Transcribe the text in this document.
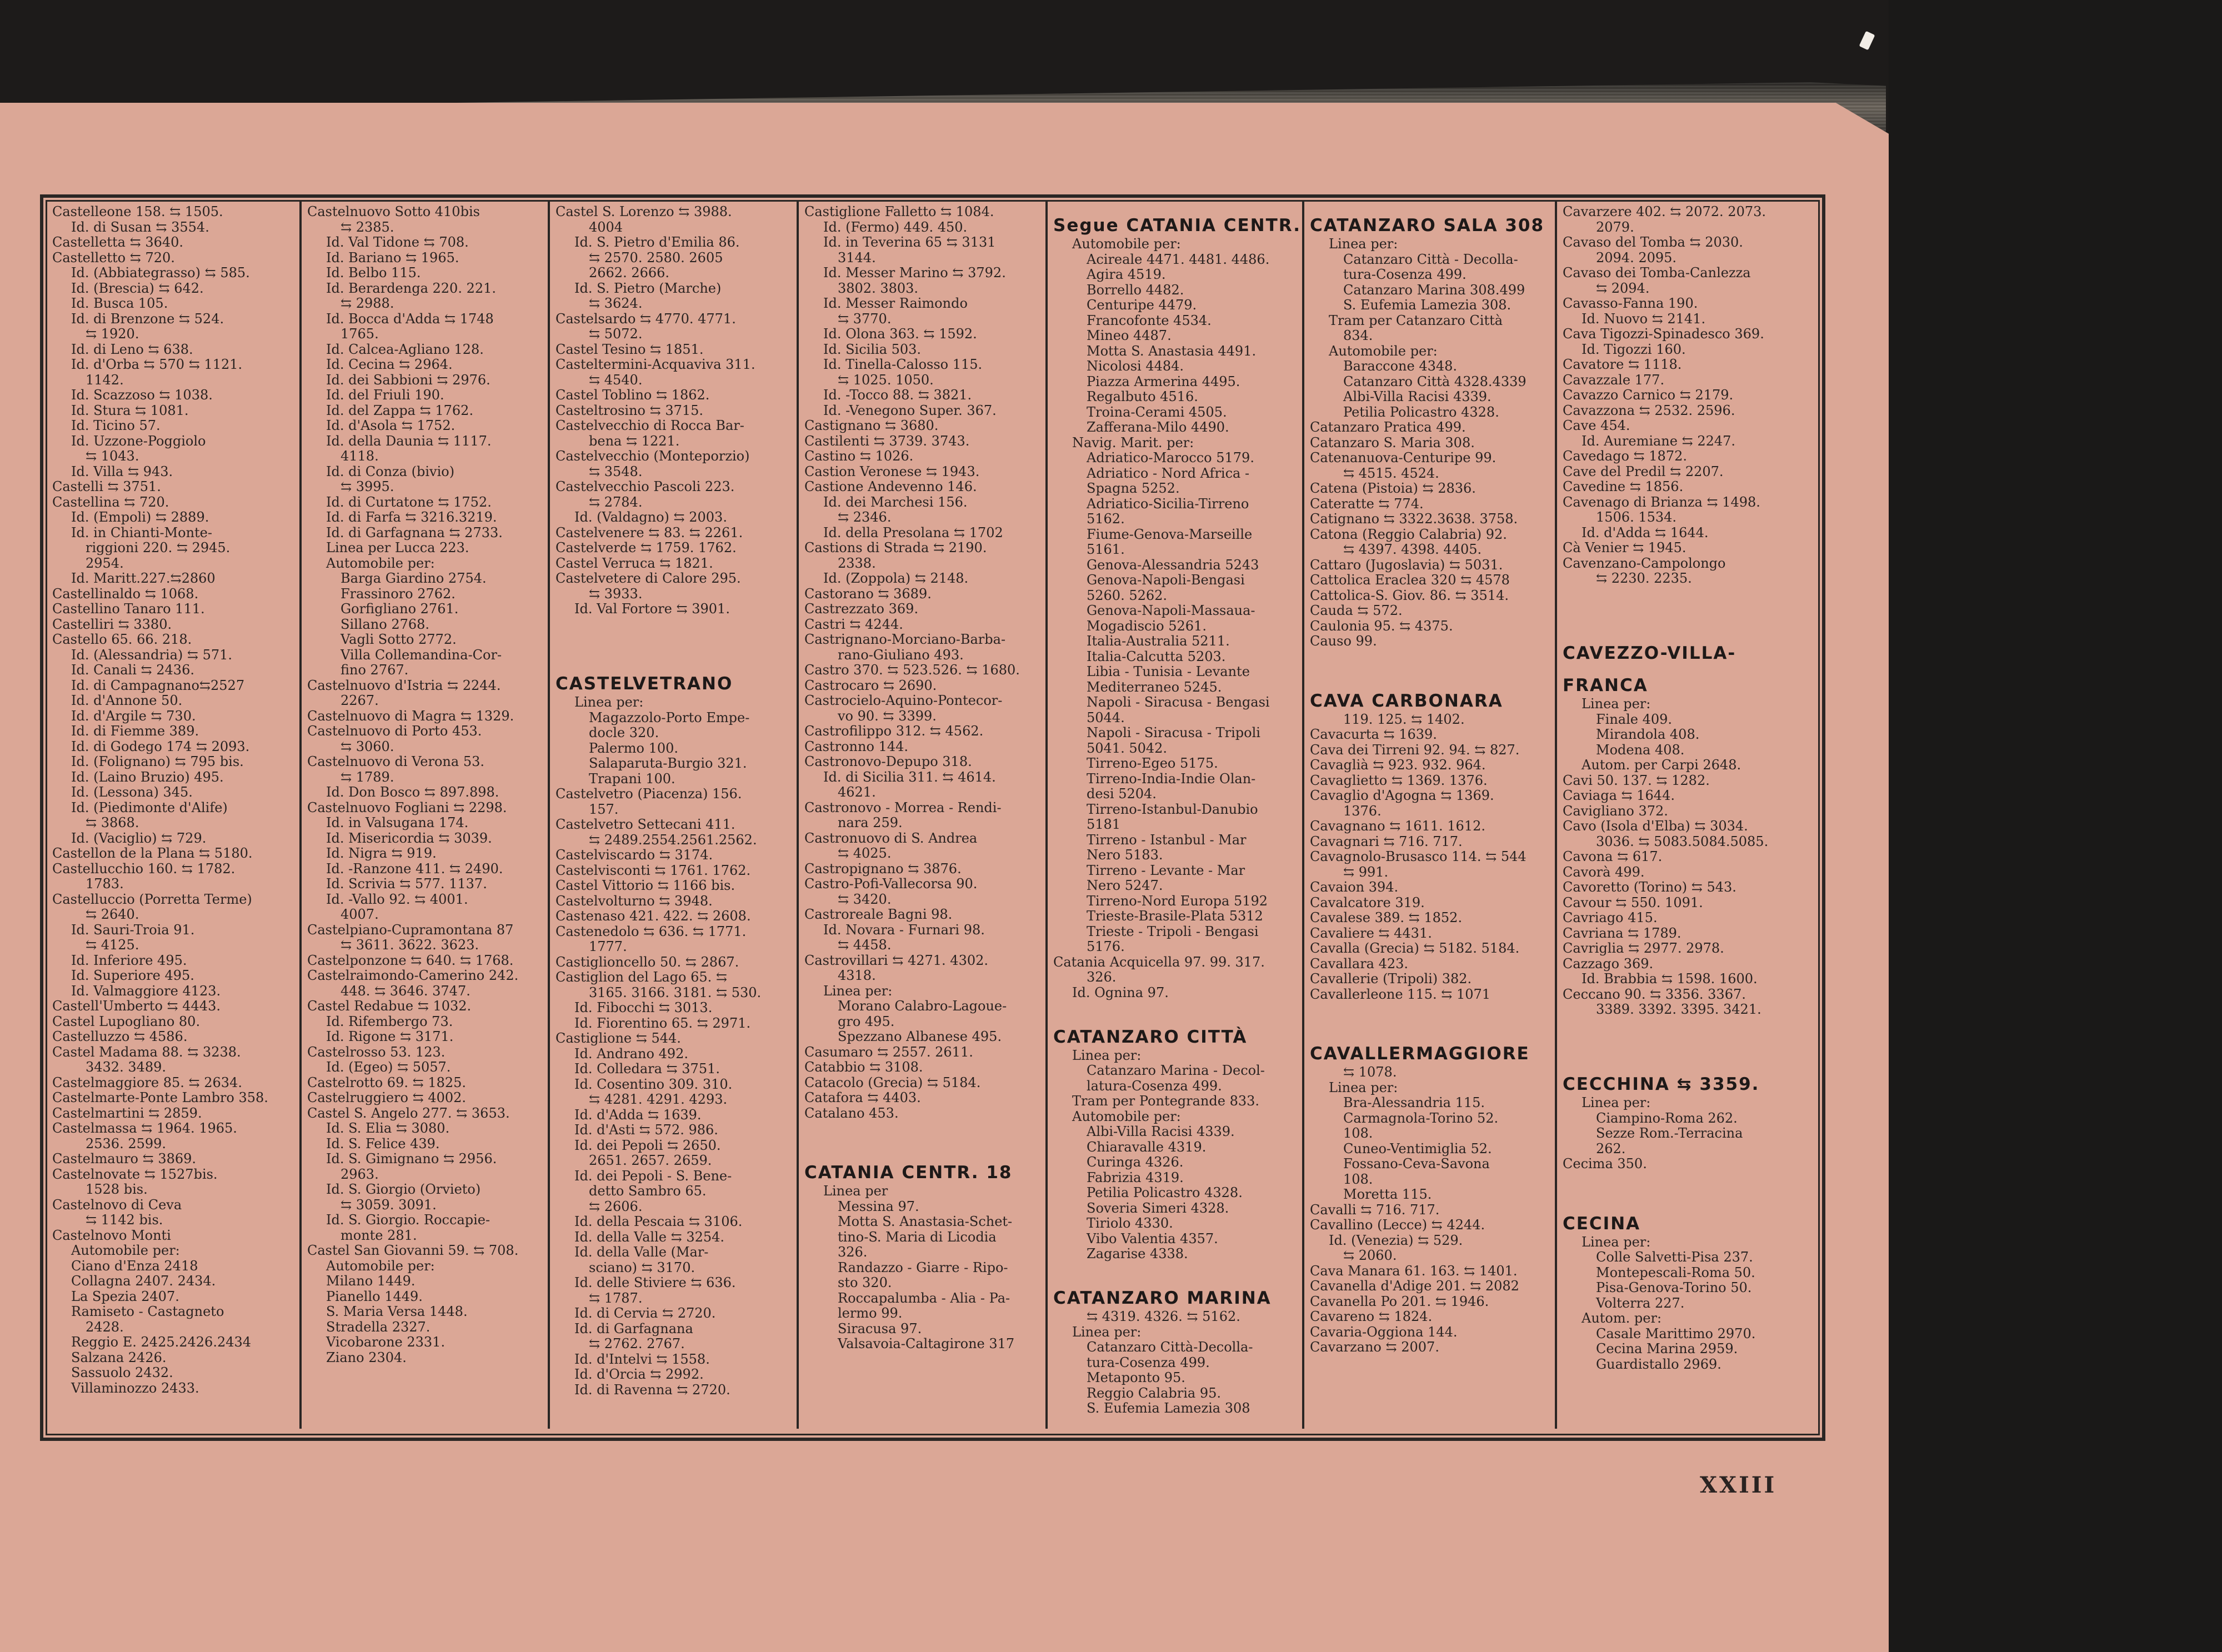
Castelleone 158. ⇆ 1505.
Id. di Susan ⇆ 3554.
Castelletta ⇆ 3640.
Castelletto ⇆ 720.
Id. (Abbiategrasso) ⇆ 585.
Id. (Brescia) ⇆ 642.
Id. Busca 105.
Id. di Brenzone ⇆ 524.
⇆ 1920.
Id. di Leno ⇆ 638.
Id. d'Orba ⇆ 570 ⇆ 1121.
1142.
Id. Scazzoso ⇆ 1038.
Id. Stura ⇆ 1081.
Id. Ticino 57.
Id. Uzzone-Poggiolo
⇆ 1043.
Id. Villa ⇆ 943.
Castelli ⇆ 3751.
Castellina ⇆ 720.
Id. (Empoli) ⇆ 2889.
Id. in Chianti-Monte-
riggioni 220. ⇆ 2945.
2954.
Id. Maritt.227.⇆2860
Castellinaldo ⇆ 1068.
Castellino Tanaro 111.
Castelliri ⇆ 3380.
Castello 65. 66. 218.
Id. (Alessandria) ⇆ 571.
Id. Canali ⇆ 2436.
Id. di Campagnano⇆2527
Id. d'Annone 50.
Id. d'Argile ⇆ 730.
Id. di Fiemme 389.
Id. di Godego 174 ⇆ 2093.
Id. (Folignano) ⇆ 795 bis.
Id. (Laino Bruzio) 495.
Id. (Lessona) 345.
Id. (Piedimonte d'Alife)
⇆ 3868.
Id. (Vaciglio) ⇆ 729.
Castellon de la Plana ⇆ 5180.
Castellucchio 160. ⇆ 1782.
1783.
Castelluccio (Porretta Terme)
⇆ 2640.
Id. Sauri-Troia 91.
⇆ 4125.
Id. Inferiore 495.
Id. Superiore 495.
Id. Valmaggiore 4123.
Castell'Umberto ⇆ 4443.
Castel Lupogliano 80.
Castelluzzo ⇆ 4586.
Castel Madama 88. ⇆ 3238.
3432. 3489.
Castelmaggiore 85. ⇆ 2634.
Castelmarte-Ponte Lambro 358.
Castelmartini ⇆ 2859.
Castelmassa ⇆ 1964. 1965.
2536. 2599.
Castelmauro ⇆ 3869.
Castelnovate ⇆ 1527bis.
1528 bis.
Castelnovo di Ceva
⇆ 1142 bis.
Castelnovo Monti
Automobile per:
Ciano d'Enza 2418
Collagna 2407. 2434.
La Spezia 2407.
Ramiseto - Castagneto
2428.
Reggio E. 2425.2426.2434
Salzana 2426.
Sassuolo 2432.
Villaminozzo 2433.
Castelnuovo Sotto 410bis
⇆ 2385.
Id. Val Tidone ⇆ 708.
Id. Bariano ⇆ 1965.
Id. Belbo 115.
Id. Berardenga 220. 221.
⇆ 2988.
Id. Bocca d'Adda ⇆ 1748
1765.
Id. Calcea-Agliano 128.
Id. Cecina ⇆ 2964.
Id. dei Sabbioni ⇆ 2976.
Id. del Friuli 190.
Id. del Zappa ⇆ 1762.
Id. d'Asola ⇆ 1752.
Id. della Daunia ⇆ 1117.
4118.
Id. di Conza (bivio)
⇆ 3995.
Id. di Curtatone ⇆ 1752.
Id. di Farfa ⇆ 3216.3219.
Id. di Garfagnana ⇆ 2733.
Linea per Lucca 223.
Automobile per:
Barga Giardino 2754.
Frassinoro 2762.
Gorfigliano 2761.
Sillano 2768.
Vagli Sotto 2772.
Villa Collemandina-Cor-
fino 2767.
Castelnuovo d'Istria ⇆ 2244.
2267.
Castelnuovo di Magra ⇆ 1329.
Castelnuovo di Porto 453.
⇆ 3060.
Castelnuovo di Verona 53.
⇆ 1789.
Id. Don Bosco ⇆ 897.898.
Castelnuovo Fogliani ⇆ 2298.
Id. in Valsugana 174.
Id. Misericordia ⇆ 3039.
Id. Nigra ⇆ 919.
Id. -Ranzone 411. ⇆ 2490.
Id. Scrivia ⇆ 577. 1137.
Id. -Vallo 92. ⇆ 4001.
4007.
Castelpiano-Cupramontana 87
⇆ 3611. 3622. 3623.
Castelponzone ⇆ 640. ⇆ 1768.
Castelraimondo-Camerino 242.
448. ⇆ 3646. 3747.
Castel Redabue ⇆ 1032.
Id. Rifembergo 73.
Id. Rigone ⇆ 3171.
Castelrosso 53. 123.
Id. (Egeo) ⇆ 5057.
Castelrotto 69. ⇆ 1825.
Castelruggiero ⇆ 4002.
Castel S. Angelo 277. ⇆ 3653.
Id. S. Elia ⇆ 3080.
Id. S. Felice 439.
Id. S. Gimignano ⇆ 2956.
2963.
Id. S. Giorgio (Orvieto)
⇆ 3059. 3091.
Id. S. Giorgio. Roccapie-
monte 281.
Castel San Giovanni 59. ⇆ 708.
Automobile per:
Milano 1449.
Pianello 1449.
S. Maria Versa 1448.
Stradella 2327.
Vicobarone 2331.
Ziano 2304.
Castel S. Lorenzo ⇆ 3988.
4004
Id. S. Pietro d'Emilia 86.
⇆ 2570. 2580. 2605
2662. 2666.
Id. S. Pietro (Marche)
⇆ 3624.
Castelsardo ⇆ 4770. 4771.
⇆ 5072.
Castel Tesino ⇆ 1851.
Casteltermini-Acquaviva 311.
⇆ 4540.
Castel Toblino ⇆ 1862.
Casteltrosino ⇆ 3715.
Castelvecchio di Rocca Bar-
bena ⇆ 1221.
Castelvecchio (Monteporzio)
⇆ 3548.
Castelvecchio Pascoli 223.
⇆ 2784.
Id. (Valdagno) ⇆ 2003.
Castelvenere ⇆ 83. ⇆ 2261.
Castelverde ⇆ 1759. 1762.
Castel Verruca ⇆ 1821.
Castelvetere di Calore 295.
⇆ 3933.
Id. Val Fortore ⇆ 3901.

CASTELVETRANO
Linea per:
Magazzolo-Porto Empe-
docle 320.
Palermo 100.
Salaparuta-Burgio 321.
Trapani 100.
Castelvetro (Piacenza) 156.
157.
Castelvetro Settecani 411.
⇆ 2489.2554.2561.2562.
Castelviscardo ⇆ 3174.
Castelvisconti ⇆ 1761. 1762.
Castel Vittorio ⇆ 1166 bis.
Castelvolturno ⇆ 3948.
Castenaso 421. 422. ⇆ 2608.
Castenedolo ⇆ 636. ⇆ 1771.
1777.
Castiglioncello 50. ⇆ 2867.
Castiglion del Lago 65. ⇆
3165. 3166. 3181. ⇆ 530.
Id. Fibocchi ⇆ 3013.
Id. Fiorentino 65. ⇆ 2971.
Castiglione ⇆ 544.
Id. Andrano 492.
Id. Colledara ⇆ 3751.
Id. Cosentino 309. 310.
⇆ 4281. 4291. 4293.
Id. d'Adda ⇆ 1639.
Id. d'Asti ⇆ 572. 986.
Id. dei Pepoli ⇆ 2650.
2651. 2657. 2659.
Id. dei Pepoli - S. Bene-
detto Sambro 65.
⇆ 2606.
Id. della Pescaia ⇆ 3106.
Id. della Valle ⇆ 3254.
Id. della Valle (Mar-
sciano) ⇆ 3170.
Id. delle Stiviere ⇆ 636.
⇆ 1787.
Id. di Cervia ⇆ 2720.
Id. di Garfagnana
⇆ 2762. 2767.
Id. d'Intelvi ⇆ 1558.
Id. d'Orcia ⇆ 2992.
Id. di Ravenna ⇆ 2720.
Castiglione Falletto ⇆ 1084.
Id. (Fermo) 449. 450.
Id. in Teverina 65 ⇆ 3131
3144.
Id. Messer Marino ⇆ 3792.
3802. 3803.
Id. Messer Raimondo
⇆ 3770.
Id. Olona 363. ⇆ 1592.
Id. Sicilia 503.
Id. Tinella-Calosso 115.
⇆ 1025. 1050.
Id. -Tocco 88. ⇆ 3821.
Id. -Venegono Super. 367.
Castignano ⇆ 3680.
Castilenti ⇆ 3739. 3743.
Castino ⇆ 1026.
Castion Veronese ⇆ 1943.
Castione Andevenno 146.
Id. dei Marchesi 156.
⇆ 2346.
Id. della Presolana ⇆ 1702
Castions di Strada ⇆ 2190.
2338.
Id. (Zoppola) ⇆ 2148.
Castorano ⇆ 3689.
Castrezzato 369.
Castri ⇆ 4244.
Castrignano-Morciano-Barba-
rano-Giuliano 493.
Castro 370. ⇆ 523.526. ⇆ 1680.
Castrocaro ⇆ 2690.
Castrocielo-Aquino-Pontecor-
vo 90. ⇆ 3399.
Castrofilippo 312. ⇆ 4562.
Castronno 144.
Castronovo-Depupo 318.
Id. di Sicilia 311. ⇆ 4614.
4621.
Castronovo - Morrea - Rendi-
nara 259.
Castronuovo di S. Andrea
⇆ 4025.
Castropignano ⇆ 3876.
Castro-Pofi-Vallecorsa 90.
⇆ 3420.
Castroreale Bagni 98.
Id. Novara - Furnari 98.
⇆ 4458.
Castrovillari ⇆ 4271. 4302.
4318.
Linea per:
Morano Calabro-Lagoue-
gro 495.
Spezzano Albanese 495.
Casumaro ⇆ 2557. 2611.
Catabbio ⇆ 3108.
Catacolo (Grecia) ⇆ 5184.
Catafora ⇆ 4403.
Catalano 453.

CATANIA CENTR. 18
Linea per
Messina 97.
Motta S. Anastasia-Schet-
tino-S. Maria di Licodia
326.
Randazzo - Giarre - Ripo-
sto 320.
Roccapalumba - Alia - Pa-
lermo 99.
Siracusa 97.
Valsavoia-Caltagirone 317
Segue CATANIA CENTR.
Automobile per:
Acireale 4471. 4481. 4486.
Agira 4519.
Borrello 4482.
Centuripe 4479.
Francofonte 4534.
Mineo 4487.
Motta S. Anastasia 4491.
Nicolosi 4484.
Piazza Armerina 4495.
Regalbuto 4516.
Troina-Cerami 4505.
Zafferana-Milo 4490.
Navig. Marit. per:
Adriatico-Marocco 5179.
Adriatico - Nord Africa -
Spagna 5252.
Adriatico-Sicilia-Tirreno
5162.
Fiume-Genova-Marseille
5161.
Genova-Alessandria 5243
Genova-Napoli-Bengasi
5260. 5262.
Genova-Napoli-Massaua-
Mogadiscio 5261.
Italia-Australia 5211.
Italia-Calcutta 5203.
Libia - Tunisia - Levante
Mediterraneo 5245.
Napoli - Siracusa - Bengasi
5044.
Napoli - Siracusa - Tripoli
5041. 5042.
Tirreno-Egeo 5175.
Tirreno-India-Indie Olan-
desi 5204.
Tirreno-Istanbul-Danubio
5181
Tirreno - Istanbul - Mar
Nero 5183.
Tirreno - Levante - Mar
Nero 5247.
Tirreno-Nord Europa 5192
Trieste-Brasile-Plata 5312
Trieste - Tripoli - Bengasi
5176.
Catania Acquicella 97. 99. 317.
326.
Id. Ognina 97.

CATANZARO CITTÀ
Linea per:
Catanzaro Marina - Decol-
latura-Cosenza 499.
Tram per Pontegrande 833.
Automobile per:
Albi-Villa Racisi 4339.
Chiaravalle 4319.
Curinga 4326.
Fabrizia 4319.
Petilia Policastro 4328.
Soveria Simeri 4328.
Tiriolo 4330.
Vibo Valentia 4357.
Zagarise 4338.

CATANZARO MARINA
⇆ 4319. 4326. ⇆ 5162.
Linea per:
Catanzaro Città-Decolla-
tura-Cosenza 499.
Metaponto 95.
Reggio Calabria 95.
S. Eufemia Lamezia 308
CATANZARO SALA 308
Linea per:
Catanzaro Città - Decolla-
tura-Cosenza 499.
Catanzaro Marina 308.499
S. Eufemia Lamezia 308.
Tram per Catanzaro Città
834.
Automobile per:
Baraccone 4348.
Catanzaro Città 4328.4339
Albi-Villa Racisi 4339.
Petilia Policastro 4328.
Catanzaro Pratica 499.
Catanzaro S. Maria 308.
Catenanuova-Centuripe 99.
⇆ 4515. 4524.
Catena (Pistoia) ⇆ 2836.
Cateratte ⇆ 774.
Catignano ⇆ 3322.3638. 3758.
Catona (Reggio Calabria) 92.
⇆ 4397. 4398. 4405.
Cattaro (Jugoslavia) ⇆ 5031.
Cattolica Eraclea 320 ⇆ 4578
Cattolica-S. Giov. 86. ⇆ 3514.
Cauda ⇆ 572.
Caulonia 95. ⇆ 4375.
Causo 99.

CAVA CARBONARA
119. 125. ⇆ 1402.
Cavacurta ⇆ 1639.
Cava dei Tirreni 92. 94. ⇆ 827.
Cavaglià ⇆ 923. 932. 964.
Cavaglietto ⇆ 1369. 1376.
Cavaglio d'Agogna ⇆ 1369.
1376.
Cavagnano ⇆ 1611. 1612.
Cavagnari ⇆ 716. 717.
Cavagnolo-Brusasco 114. ⇆ 544
⇆ 991.
Cavaion 394.
Cavalcatore 319.
Cavalese 389. ⇆ 1852.
Cavaliere ⇆ 4431.
Cavalla (Grecia) ⇆ 5182. 5184.
Cavallara 423.
Cavallerie (Tripoli) 382.
Cavallerleone 115. ⇆ 1071

CAVALLERMAGGIORE
⇆ 1078.
Linea per:
Bra-Alessandria 115.
Carmagnola-Torino 52.
108.
Cuneo-Ventimiglia 52.
Fossano-Ceva-Savona
108.
Moretta 115.
Cavalli ⇆ 716. 717.
Cavallino (Lecce) ⇆ 4244.
Id. (Venezia) ⇆ 529.
⇆ 2060.
Cava Manara 61. 163. ⇆ 1401.
Cavanella d'Adige 201. ⇆ 2082
Cavanella Po 201. ⇆ 1946.
Cavareno ⇆ 1824.
Cavaria-Oggiona 144.
Cavarzano ⇆ 2007.
Cavarzere 402. ⇆ 2072. 2073.
2079.
Cavaso del Tomba ⇆ 2030.
2094. 2095.
Cavaso dei Tomba-Canlezza
⇆ 2094.
Cavasso-Fanna 190.
Id. Nuovo ⇆ 2141.
Cava Tigozzi-Spinadesco 369.
Id. Tigozzi 160.
Cavatore ⇆ 1118.
Cavazzale 177.
Cavazzo Carnico ⇆ 2179.
Cavazzona ⇆ 2532. 2596.
Cave 454.
Id. Auremiane ⇆ 2247.
Cavedago ⇆ 1872.
Cave del Predil ⇆ 2207.
Cavedine ⇆ 1856.
Cavenago di Brianza ⇆ 1498.
1506. 1534.
Id. d'Adda ⇆ 1644.
Cà Venier ⇆ 1945.
Cavenzano-Campolongo
⇆ 2230. 2235.

CAVEZZO-VILLA-
FRANCA
Linea per:
Finale 409.
Mirandola 408.
Modena 408.
Autom. per Carpi 2648.
Cavi 50. 137. ⇆ 1282.
Caviaga ⇆ 1644.
Cavigliano 372.
Cavo (Isola d'Elba) ⇆ 3034.
3036. ⇆ 5083.5084.5085.
Cavona ⇆ 617.
Cavorà 499.
Cavoretto (Torino) ⇆ 543.
Cavour ⇆ 550. 1091.
Cavriago 415.
Cavriana ⇆ 1789.
Cavriglia ⇆ 2977. 2978.
Cazzago 369.
Id. Brabbia ⇆ 1598. 1600.
Ceccano 90. ⇆ 3356. 3367.
3389. 3392. 3395. 3421.

CECCHINA ⇆ 3359.
Linea per:
Ciampino-Roma 262.
Sezze Rom.-Terracina
262.
Cecima 350.

CECINA
Linea per:
Colle Salvetti-Pisa 237.
Montepescali-Roma 50.
Pisa-Genova-Torino 50.
Volterra 227.
Autom. per:
Casale Marittimo 2970.
Cecina Marina 2959.
Guardistallo 2969.
XXIII
